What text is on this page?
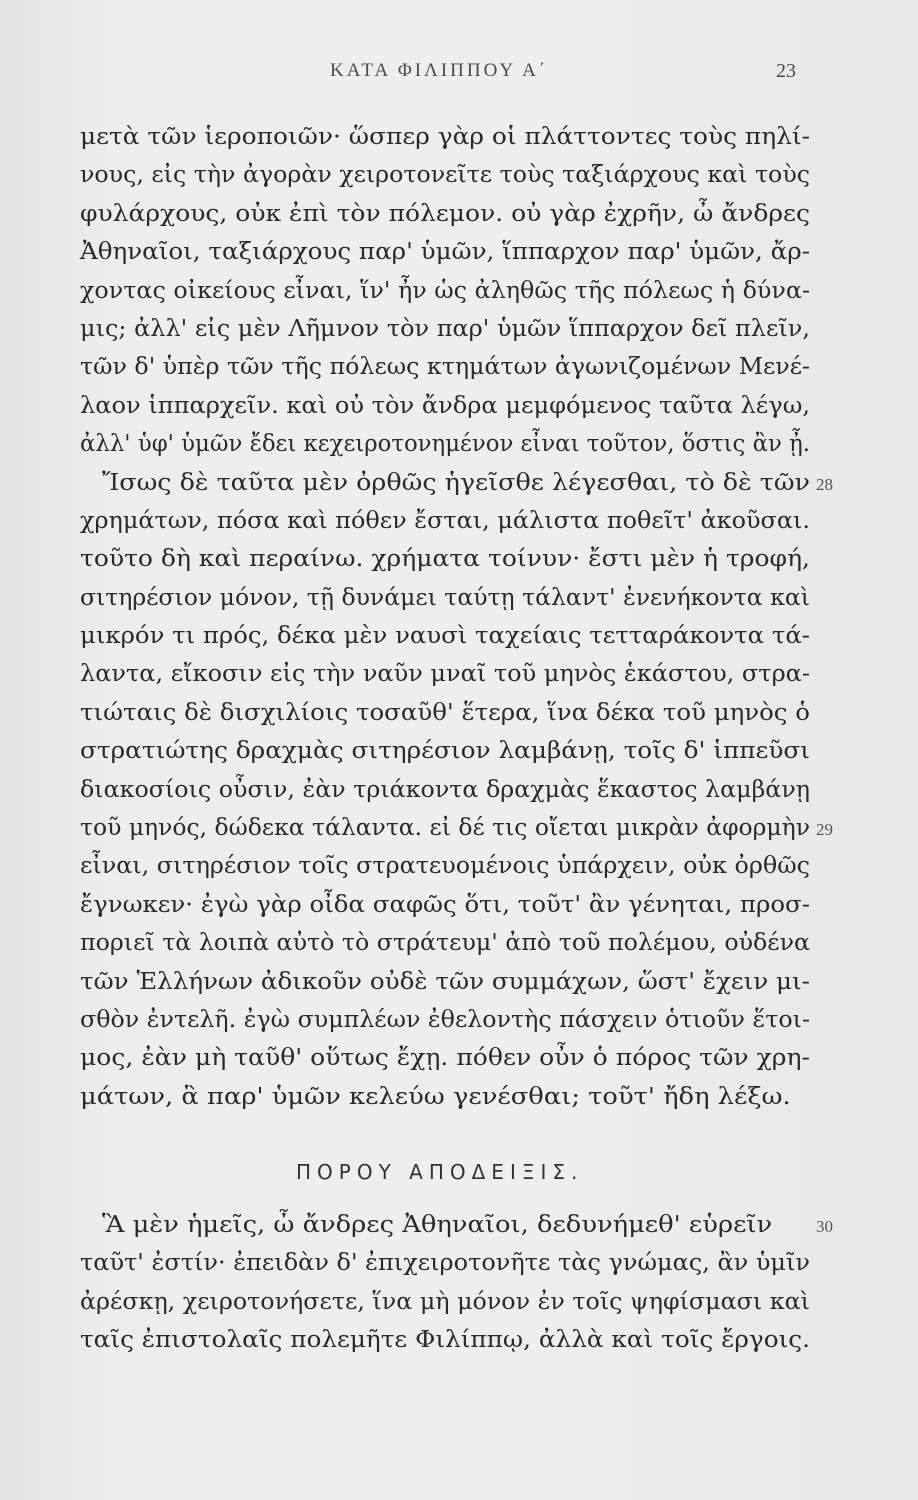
ΚΑΤΑ ΦΙΛΙΠΠΟΥ Α΄	23
μετὰ τῶν ἱεροποιῶν· ὥσπερ γὰρ οἱ πλάττοντες τοὺς πηλί-
νους, εἰς τὴν ἀγορὰν χειροτονεῖτε τοὺς ταξιάρχους καὶ τοὺς
φυλάρχους, οὐκ ἐπὶ τὸν πόλεμον. οὐ γὰρ ἐχρῆν, ὦ ἄνδρες
Ἀθηναῖοι, ταξιάρχους παρ' ὑμῶν, ἵππαρχον παρ' ὑμῶν, ἄρ-
χοντας οἰκείους εἶναι, ἵν' ἦν ὡς ἀληθῶς τῆς πόλεως ἡ δύνα-
μις; ἀλλ' εἰς μὲν Λῆμνον τὸν παρ' ὑμῶν ἵππαρχον δεῖ πλεῖν,
τῶν δ' ὑπὲρ τῶν τῆς πόλεως κτημάτων ἀγωνιζομένων Μενέ-
λαον ἱππαρχεῖν. καὶ οὐ τὸν ἄνδρα μεμφόμενος ταῦτα λέγω,
ἀλλ' ὑφ' ὑμῶν ἔδει κεχειροτονημένον εἶναι τοῦτον, ὅστις ἂν ᾖ.
Ἴσως δὲ ταῦτα μὲν ὀρθῶς ἡγεῖσθε λέγεσθαι, τὸ δὲ τῶν 28
χρημάτων, πόσα καὶ πόθεν ἔσται, μάλιστα ποθεῖτ' ἀκοῦσαι.
τοῦτο δὴ καὶ περαίνω. χρήματα τοίνυν· ἔστι μὲν ἡ τροφή,
σιτηρέσιον μόνον, τῇ δυνάμει ταύτῃ τάλαντ' ἐνενήκοντα καὶ
μικρόν τι πρός, δέκα μὲν ναυσὶ ταχείαις τετταράκοντα τά-
λαντα, εἴκοσιν εἰς τὴν ναῦν μναῖ τοῦ μηνὸς ἑκάστου, στρα-
τιώταις δὲ δισχιλίοις τοσαῦθ' ἕτερα, ἵνα δέκα τοῦ μηνὸς ὁ
στρατιώτης δραχμὰς σιτηρέσιον λαμβάνῃ, τοῖς δ' ἱππεῦσι
διακοσίοις οὖσιν, ἐὰν τριάκοντα δραχμὰς ἕκαστος λαμβάνῃ
τοῦ μηνός, δώδεκα τάλαντα. εἰ δέ τις οἴεται μικρὰν ἀφορμὴν 29
εἶναι, σιτηρέσιον τοῖς στρατευομένοις ὑπάρχειν, οὐκ ὀρθῶς
ἔγνωκεν· ἐγὼ γὰρ οἶδα σαφῶς ὅτι, τοῦτ' ἂν γένηται, προσ-
ποριεῖ τὰ λοιπὰ αὐτὸ τὸ στράτευμ' ἀπὸ τοῦ πολέμου, οὐδένα
τῶν Ἑλλήνων ἀδικοῦν οὐδὲ τῶν συμμάχων, ὥστ' ἔχειν μι-
σθὸν ἐντελῆ. ἐγὼ συμπλέων ἐθελοντὴς πάσχειν ὁτιοῦν ἕτοι-
μος, ἐὰν μὴ ταῦθ' οὕτως ἔχῃ. πόθεν οὖν ὁ πόρος τῶν χρη-
μάτων, ἃ παρ' ὑμῶν κελεύω γενέσθαι; τοῦτ' ἤδη λέξω.
ΠΟΡΟΥ ΑΠΟΔΕΙΞΙΣ.
Ἃ μὲν ἡμεῖς, ὦ ἄνδρες Ἀθηναῖοι, δεδυνήμεθ' εὑρεῖν	30
ταῦτ' ἐστίν· ἐπειδὰν δ' ἐπιχειροτονῆτε τὰς γνώμας, ἂν ὑμῖν
ἀρέσκῃ, χειροτονήσετε, ἵνα μὴ μόνον ἐν τοῖς ψηφίσμασι καὶ
ταῖς ἐπιστολαῖς πολεμῆτε Φιλίππῳ, ἀλλὰ καὶ τοῖς ἔργοις.
